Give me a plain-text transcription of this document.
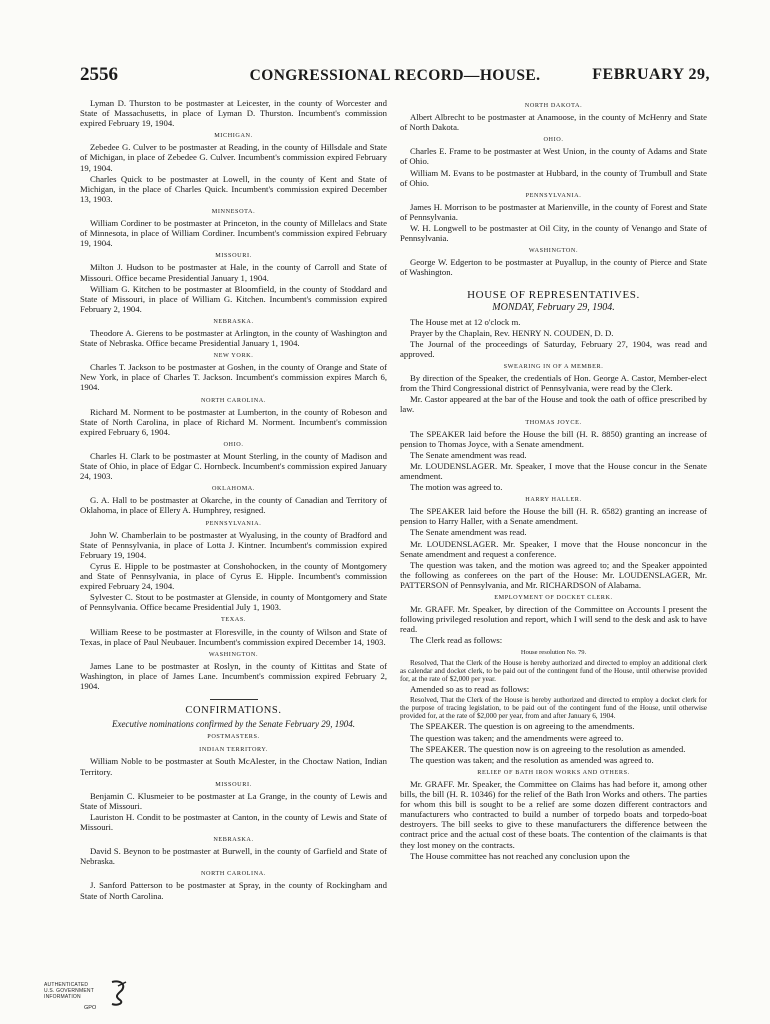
2556	CONGRESSIONAL RECORD—HOUSE.	FEBRUARY 29,

Lyman D. Thurston to be postmaster at Leicester, in the county of Worcester and State of Massachusetts, in place of Lyman D. Thurston. Incumbent's commission expired February 19, 1904.

MICHIGAN.

Zebedee G. Culver to be postmaster at Reading, in the county of Hillsdale and State of Michigan, in place of Zebedee G. Culver. Incumbent's commission expired February 19, 1904.

Charles Quick to be postmaster at Lowell, in the county of Kent and State of Michigan, in the place of Charles Quick. Incumbent's commission expired December 13, 1903.

MINNESOTA.

William Cordiner to be postmaster at Princeton, in the county of Millelacs and State of Minnesota, in place of William Cordiner. Incumbent's commission expired February 19, 1904.

MISSOURI.

Milton J. Hudson to be postmaster at Hale, in the county of Carroll and State of Missouri. Office became Presidential January 1, 1904.

William G. Kitchen to be postmaster at Bloomfield, in the county of Stoddard and State of Missouri, in place of William G. Kitchen. Incumbent's commission expired February 2, 1904.

NEBRASKA.

Theodore A. Gierens to be postmaster at Arlington, in the county of Washington and State of Nebraska. Office became Presidential January 1, 1904.

NEW YORK.

Charles T. Jackson to be postmaster at Goshen, in the county of Orange and State of New York, in place of Charles T. Jackson. Incumbent's commission expires March 6, 1904.

NORTH CAROLINA.

Richard M. Norment to be postmaster at Lumberton, in the county of Robeson and State of North Carolina, in place of Richard M. Norment. Incumbent's commission expired February 6, 1904.

OHIO.

Charles H. Clark to be postmaster at Mount Sterling, in the county of Madison and State of Ohio, in place of Edgar C. Hornbeck. Incumbent's commission expired January 24, 1903.

OKLAHOMA.

G. A. Hall to be postmaster at Okarche, in the county of Canadian and Territory of Oklahoma, in place of Ellery A. Humphrey, resigned.

PENNSYLVANIA.

John W. Chamberlain to be postmaster at Wyalusing, in the county of Bradford and State of Pennsylvania, in place of Lotta J. Kintner. Incumbent's commission expired February 19, 1904.

Cyrus E. Hipple to be postmaster at Conshohocken, in the county of Montgomery and State of Pennsylvania, in place of Cyrus E. Hipple. Incumbent's commission expired February 24, 1904.

Sylvester C. Stout to be postmaster at Glenside, in county of Montgomery and State of Pennsylvania. Office became Presidential July 1, 1903.

TEXAS.

William Reese to be postmaster at Floresville, in the county of Wilson and State of Texas, in place of Paul Neubauer. Incumbent's commission expired December 14, 1903.

WASHINGTON.

James Lane to be postmaster at Roslyn, in the county of Kittitas and State of Washington, in place of James Lane. Incumbent's commission expired February 2, 1904.

CONFIRMATIONS.
Executive nominations confirmed by the Senate February 29, 1904.
POSTMASTERS.
INDIAN TERRITORY.

William Noble to be postmaster at South McAlester, in the Choctaw Nation, Indian Territory.

MISSOURI.

Benjamin C. Klusmeier to be postmaster at La Grange, in the county of Lewis and State of Missouri.

Lauriston H. Condit to be postmaster at Canton, in the county of Lewis and State of Missouri.

NEBRASKA.

David S. Beynon to be postmaster at Burwell, in the county of Garfield and State of Nebraska.

NORTH CAROLINA.

J. Sanford Patterson to be postmaster at Spray, in the county of Rockingham and State of North Carolina.

NORTH DAKOTA.

Albert Albrecht to be postmaster at Anamoose, in the county of McHenry and State of North Dakota.

OHIO.

Charles E. Frame to be postmaster at West Union, in the county of Adams and State of Ohio.

William M. Evans to be postmaster at Hubbard, in the county of Trumbull and State of Ohio.

PENNSYLVANIA.

James H. Morrison to be postmaster at Marienville, in the county of Forest and State of Pennsylvania.

W. H. Longwell to be postmaster at Oil City, in the county of Venango and State of Pennsylvania.

WASHINGTON.

George W. Edgerton to be postmaster at Puyallup, in the county of Pierce and State of Washington.

HOUSE OF REPRESENTATIVES.
MONDAY, February 29, 1904.

The House met at 12 o'clock m.

Prayer by the Chaplain, Rev. HENRY N. COUDEN, D. D.

The Journal of the proceedings of Saturday, February 27, 1904, was read and approved.

SWEARING IN OF A MEMBER.

By direction of the Speaker, the credentials of Hon. George A. Castor, Member-elect from the Third Congressional district of Pennsylvania, were read by the Clerk.

Mr. Castor appeared at the bar of the House and took the oath of office prescribed by law.

THOMAS JOYCE.

The SPEAKER laid before the House the bill (H. R. 8850) granting an increase of pension to Thomas Joyce, with a Senate amendment.

The Senate amendment was read.

Mr. LOUDENSLAGER. Mr. Speaker, I move that the House concur in the Senate amendment.

The motion was agreed to.

HARRY HALLER.

The SPEAKER laid before the House the bill (H. R. 6582) granting an increase of pension to Harry Haller, with a Senate amendment.

The Senate amendment was read.

Mr. LOUDENSLAGER. Mr. Speaker, I move that the House nonconcur in the Senate amendment and request a conference.

The question was taken, and the motion was agreed to; and the Speaker appointed the following as conferees on the part of the House: Mr. LOUDENSLAGER, Mr. PATTERSON of Pennsylvania, and Mr. RICHARDSON of Alabama.

EMPLOYMENT OF DOCKET CLERK.

Mr. GRAFF. Mr. Speaker, by direction of the Committee on Accounts I present the following privileged resolution and report, which I will send to the desk and ask to have read.

The Clerk read as follows:

House resolution No. 79.

Resolved, That the Clerk of the House is hereby authorized and directed to employ an additional clerk as calendar and docket clerk, to be paid out of the contingent fund of the House, until otherwise provided for, at the rate of $2,000 per year.

Amended so as to read as follows:

Resolved, That the Clerk of the House is hereby authorized and directed to employ a docket clerk for the purpose of tracing legislation, to be paid out of the contingent fund of the House, until otherwise provided for, at the rate of $2,000 per year, from and after January 6, 1904.

The SPEAKER. The question is on agreeing to the amendments.

The question was taken; and the amendments were agreed to.

The SPEAKER. The question now is on agreeing to the resolution as amended.

The question was taken; and the resolution as amended was agreed to.

RELIEF OF BATH IRON WORKS AND OTHERS.

Mr. GRAFF. Mr. Speaker, the Committee on Claims has had before it, among other bills, the bill (H. R. 10346) for the relief of the Bath Iron Works and others. The parties for whom this bill is sought to be a relief are some dozen different contractors and manufacturers who contracted to build a number of torpedo boats and torpedo-boat destroyers. The bill seeks to give to these manufacturers the difference between the contract price and the actual cost of these boats. The contention of the claimants is that they lost money on the contracts.

The House committee has not reached any conclusion upon the

AUTHENTICATED
U.S. GOVERNMENT
INFORMATION
GPO
